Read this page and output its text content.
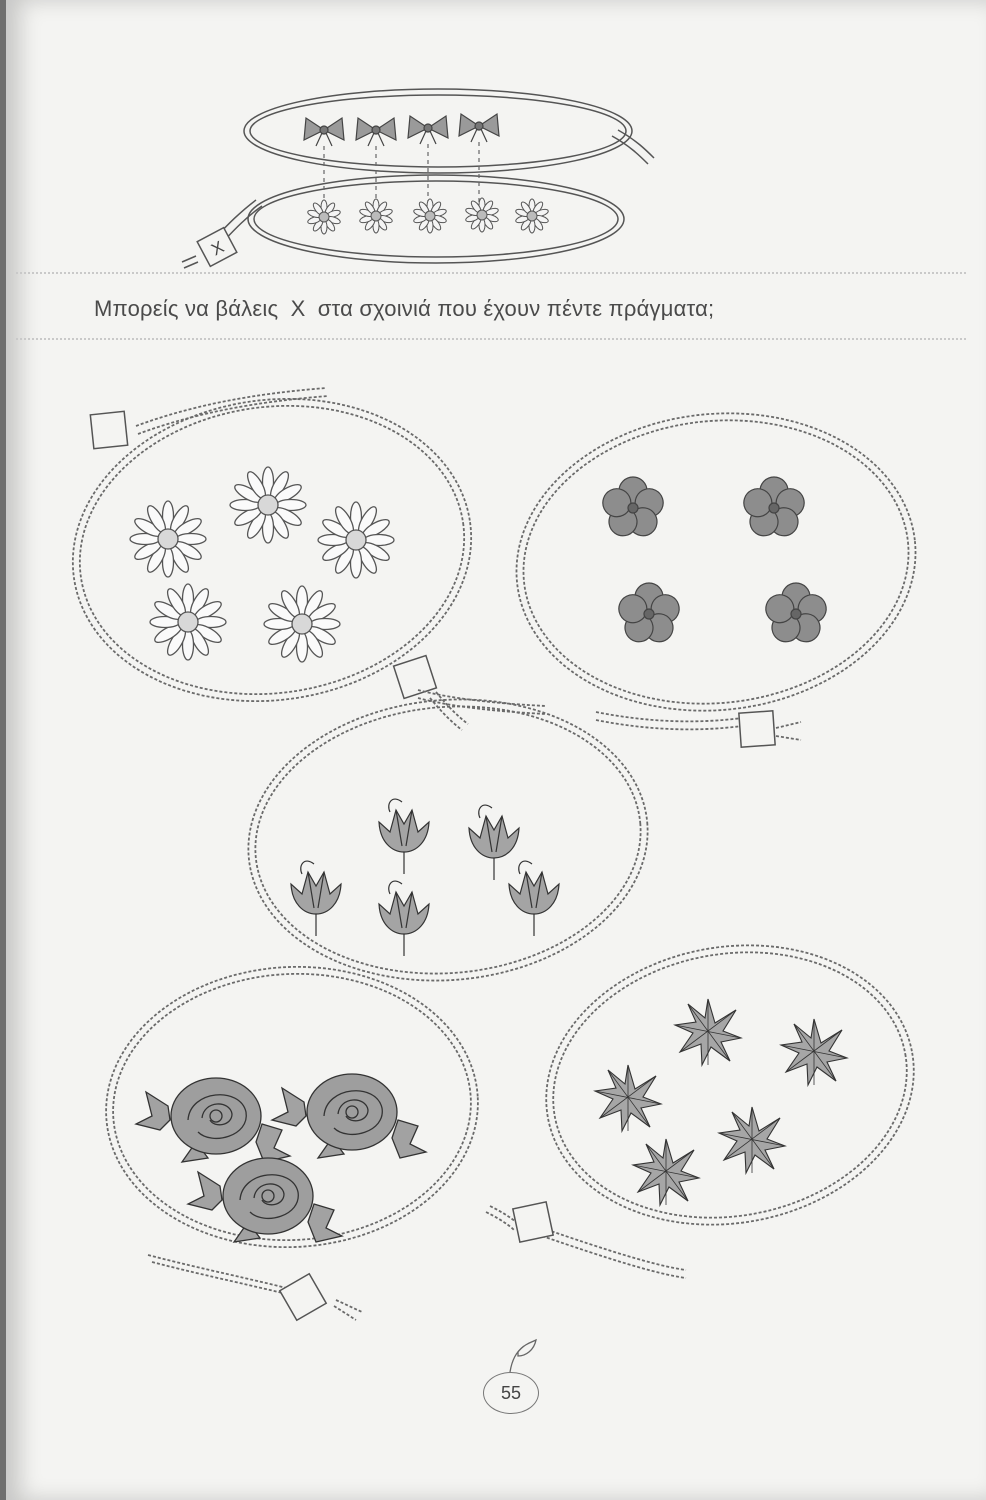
Μπορείς να βάλεις X στα σχοινιά που έχουν πέντε πράγματα;
X
55
